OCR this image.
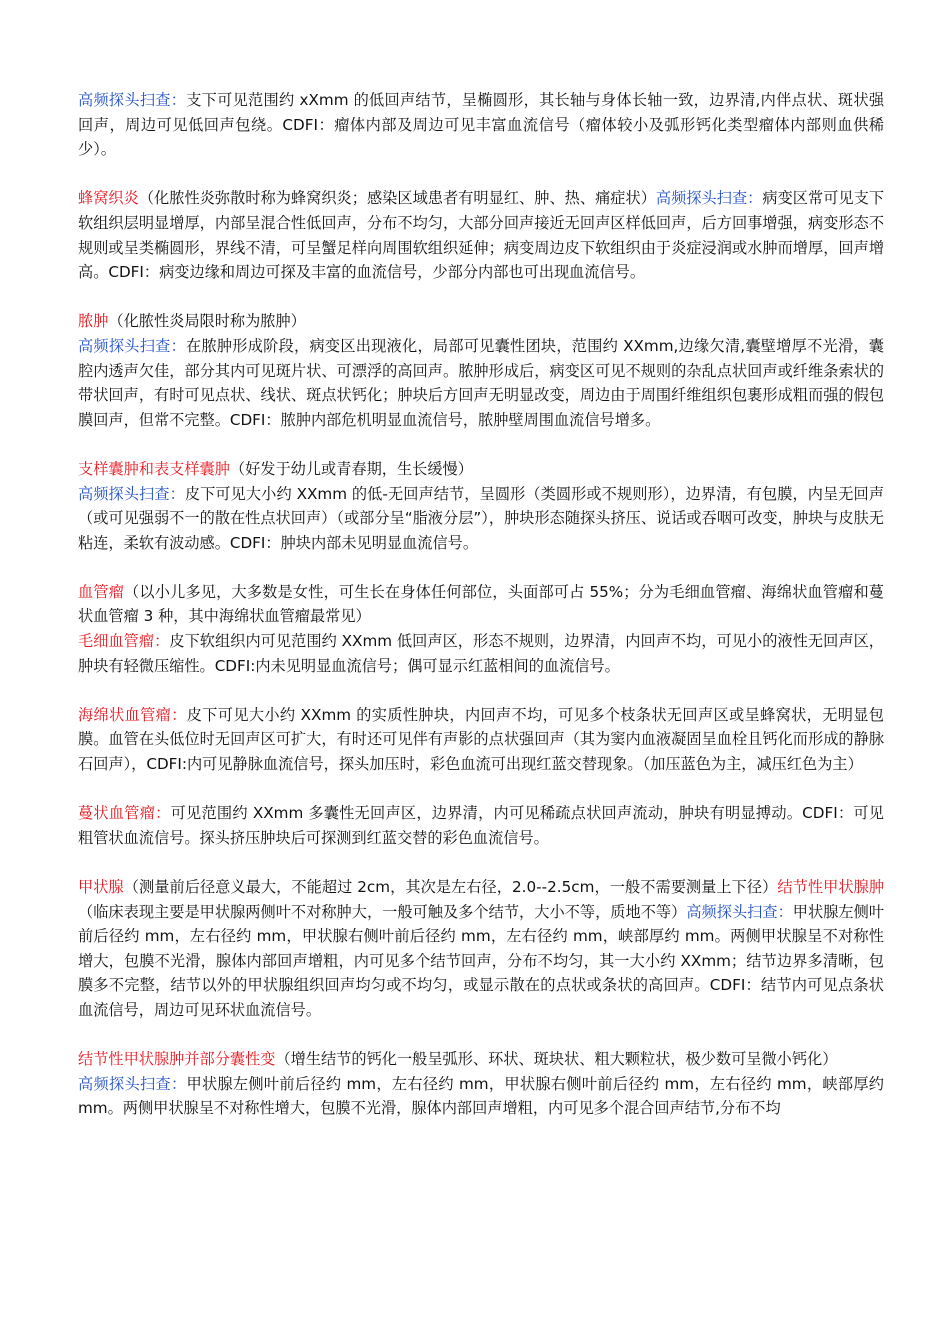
高频探头扫查：支下可见范围约 xXmm 的低回声结节，呈椭圆形，其长轴与身体长轴一致，边界清,内伴点状、斑状强回声，周边可见低回声包绕。CDFI：瘤体内部及周边可见丰富血流信号（瘤体较小及弧形钙化类型瘤体内部则血供稀少）。

蜂窝织炎（化脓性炎弥散时称为蜂窝织炎；感染区域患者有明显红、肿、热、痛症状）高频探头扫查：病变区常可见支下软组织层明显增厚，内部呈混合性低回声，分布不均匀，大部分回声接近无回声区样低回声，后方回事增强，病变形态不规则或呈类椭圆形，界线不清，可呈蟹足样向周围软组织延伸；病变周边皮下软组织由于炎症浸润或水肿而增厚，回声增高。CDFI：病变边缘和周边可探及丰富的血流信号，少部分内部也可出现血流信号。

脓肿（化脓性炎局限时称为脓肿）
高频探头扫查：在脓肿形成阶段，病变区出现液化，局部可见囊性团块，范围约 XXmm,边缘欠清,囊壁增厚不光滑，囊腔内透声欠佳，部分其内可见斑片状、可漂浮的高回声。脓肿形成后，病变区可见不规则的杂乱点状回声或纤维条索状的带状回声，有时可见点状、线状、斑点状钙化；肿块后方回声无明显改变，周边由于周围纤维组织包裹形成粗而强的假包膜回声，但常不完整。CDFI：脓肿内部危机明显血流信号，脓肿壁周围血流信号增多。
支样囊肿和表支样囊肿（好发于幼儿或青春期，生长缓慢）
高频探头扫查：皮下可见大小约 XXmm 的低-无回声结节，呈圆形（类圆形或不规则形），边界清，有包膜，内呈无回声（或可见强弱不一的散在性点状回声）（或部分呈“脂液分层”），肿块形态随探头挤压、说话或吞咽可改变，肿块与皮肤无粘连，柔软有波动感。CDFI：肿块内部未见明显血流信号。
血管瘤（以小儿多见，大多数是女性，可生长在身体任何部位，头面部可占 55%；分为毛细血管瘤、海绵状血管瘤和蔓状血管瘤 3 种，其中海绵状血管瘤最常见）
毛细血管瘤：皮下软组织内可见范围约 XXmm 低回声区，形态不规则，边界清，内回声不均，可见小的液性无回声区，肿块有轻微压缩性。CDFI:内未见明显血流信号；偶可显示红蓝相间的血流信号。

海绵状血管瘤：皮下可见大小约 XXmm 的实质性肿块，内回声不均，可见多个枝条状无回声区或呈蜂窝状，无明显包膜。血管在头低位时无回声区可扩大，有时还可见伴有声影的点状强回声（其为窦内血液凝固呈血栓且钙化而形成的静脉石回声），CDFI:内可见静脉血流信号，探头加压时，彩色血流可出现红蓝交替现象。（加压蓝色为主，减压红色为主）

蔓状血管瘤：可见范围约 XXmm 多囊性无回声区，边界清，内可见稀疏点状回声流动，肿块有明显搏动。CDFI：可见粗管状血流信号。探头挤压肿块后可探测到红蓝交替的彩色血流信号。

甲状腺（测量前后径意义最大，不能超过 2cm，其次是左右径，2.0--2.5cm，一般不需要测量上下径）结节性甲状腺肿（临床表现主要是甲状腺两侧叶不对称肿大，一般可触及多个结节，大小不等，质地不等）高频探头扫查：甲状腺左侧叶前后径约 mm，左右径约 mm，甲状腺右侧叶前后径约 mm，左右径约 mm，峡部厚约 mm。两侧甲状腺呈不对称性增大，包膜不光滑，腺体内部回声增粗，内可见多个结节回声，分布不均匀，其一大小约 XXmm；结节边界多清晰，包膜多不完整，结节以外的甲状腺组织回声均匀或不均匀，或显示散在的点状或条状的高回声。CDFI：结节内可见点条状血流信号，周边可见环状血流信号。

结节性甲状腺肿并部分囊性变（增生结节的钙化一般呈弧形、环状、斑块状、粗大颗粒状，极少数可呈微小钙化）
高频探头扫查：甲状腺左侧叶前后径约 mm，左右径约 mm，甲状腺右侧叶前后径约 mm，左右径约 mm，峡部厚约 mm。两侧甲状腺呈不对称性增大，包膜不光滑，腺体内部回声增粗，内可见多个混合回声结节,分布不均
